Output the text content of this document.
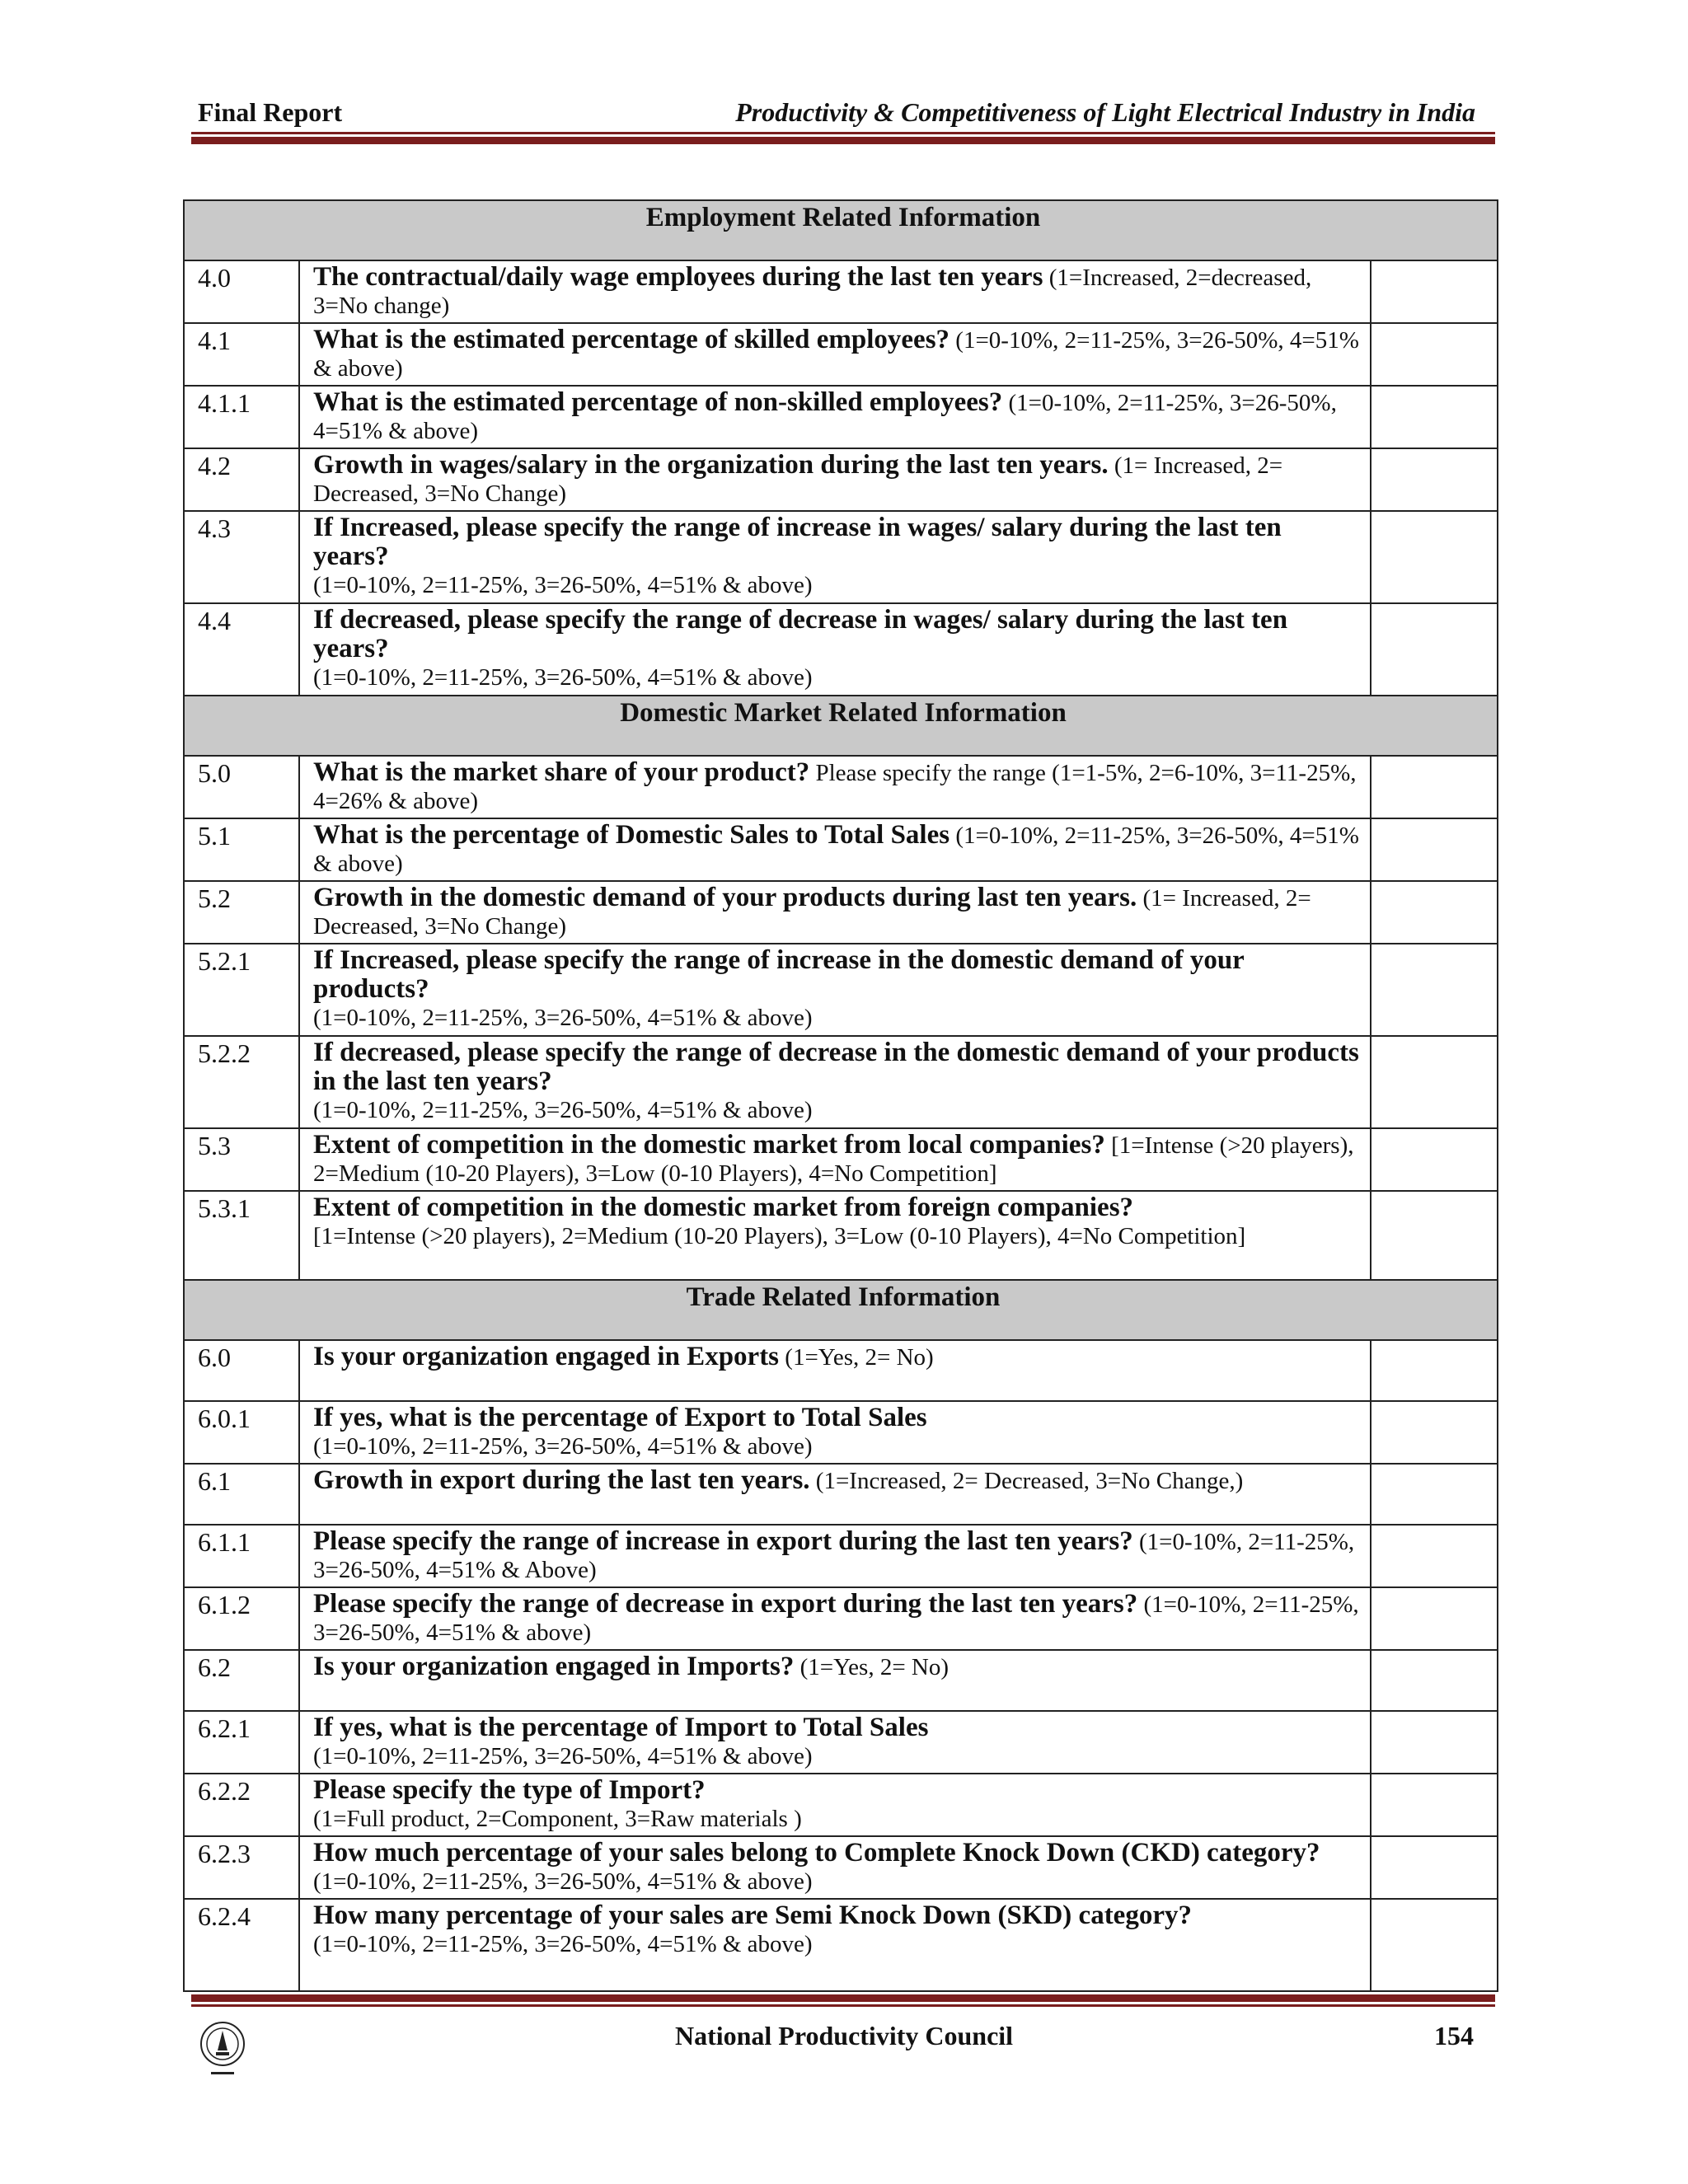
Final Report	Productivity & Competitiveness of Light Electrical Industry in India
Employment Related Information		
4.0	The contractual/daily wage employees during the last ten years (1=Increased, 2=decreased, 3=No change)	
4.1	What is the estimated percentage of skilled employees? (1=0-10%, 2=11-25%, 3=26-50%, 4=51% & above)	
4.1.1	What is the estimated percentage of non-skilled employees? (1=0-10%, 2=11-25%, 3=26-50%, 4=51% & above)	
4.2	Growth in wages/salary in the organization during the last ten years. (1= Increased, 2= Decreased, 3=No Change)	
4.3	If Increased, please specify the range of increase in wages/ salary during the last ten years?
(1=0-10%, 2=11-25%, 3=26-50%, 4=51% & above)	
4.4	If decreased, please specify the range of decrease in wages/ salary during the last ten years?
(1=0-10%, 2=11-25%, 3=26-50%, 4=51% & above)	
Domestic Market Related Information		
5.0	What is the market share of your product? Please specify the range (1=1-5%, 2=6-10%, 3=11-25%, 4=26% & above)	
5.1	What is the percentage of Domestic Sales to Total Sales (1=0-10%, 2=11-25%, 3=26-50%, 4=51% & above)	
5.2	Growth in the domestic demand of your products during last ten years. (1= Increased, 2= Decreased, 3=No Change)	
5.2.1	If Increased, please specify the range of increase in the domestic demand of your products?
(1=0-10%, 2=11-25%, 3=26-50%, 4=51% & above)	
5.2.2	If decreased, please specify the range of decrease in the domestic demand of your products in the last ten years?
(1=0-10%, 2=11-25%, 3=26-50%, 4=51% & above)	
5.3	Extent of competition in the domestic market from local companies? [1=Intense (>20 players), 2=Medium (10-20 Players), 3=Low (0-10 Players), 4=No Competition]	
5.3.1	Extent of competition in the domestic market from foreign companies?
[1=Intense (>20 players), 2=Medium (10-20 Players), 3=Low (0-10 Players), 4=No Competition]	
Trade Related Information		
6.0	Is your organization engaged in Exports (1=Yes, 2= No)	
6.0.1	If yes, what is the percentage of Export to Total Sales
(1=0-10%, 2=11-25%, 3=26-50%, 4=51% & above)	
6.1	Growth in export during the last ten years. (1=Increased, 2= Decreased, 3=No Change,)	
6.1.1	Please specify the range of increase in export during the last ten years? (1=0-10%, 2=11-25%, 3=26-50%, 4=51% & Above)	
6.1.2	Please specify the range of decrease in export during the last ten years? (1=0-10%, 2=11-25%, 3=26-50%, 4=51% & above)	
6.2	Is your organization engaged in Imports? (1=Yes, 2= No)	
6.2.1	If yes, what is the percentage of Import to Total Sales
(1=0-10%, 2=11-25%, 3=26-50%, 4=51% & above)	
6.2.2	Please specify the type of Import?
(1=Full product, 2=Component, 3=Raw materials )	
6.2.3	How much percentage of your sales belong to Complete Knock Down (CKD) category? (1=0-10%, 2=11-25%, 3=26-50%, 4=51% & above)	
6.2.4	How many percentage of your sales are Semi Knock Down (SKD) category?
(1=0-10%, 2=11-25%, 3=26-50%, 4=51% & above)	
National Productivity Council	154
